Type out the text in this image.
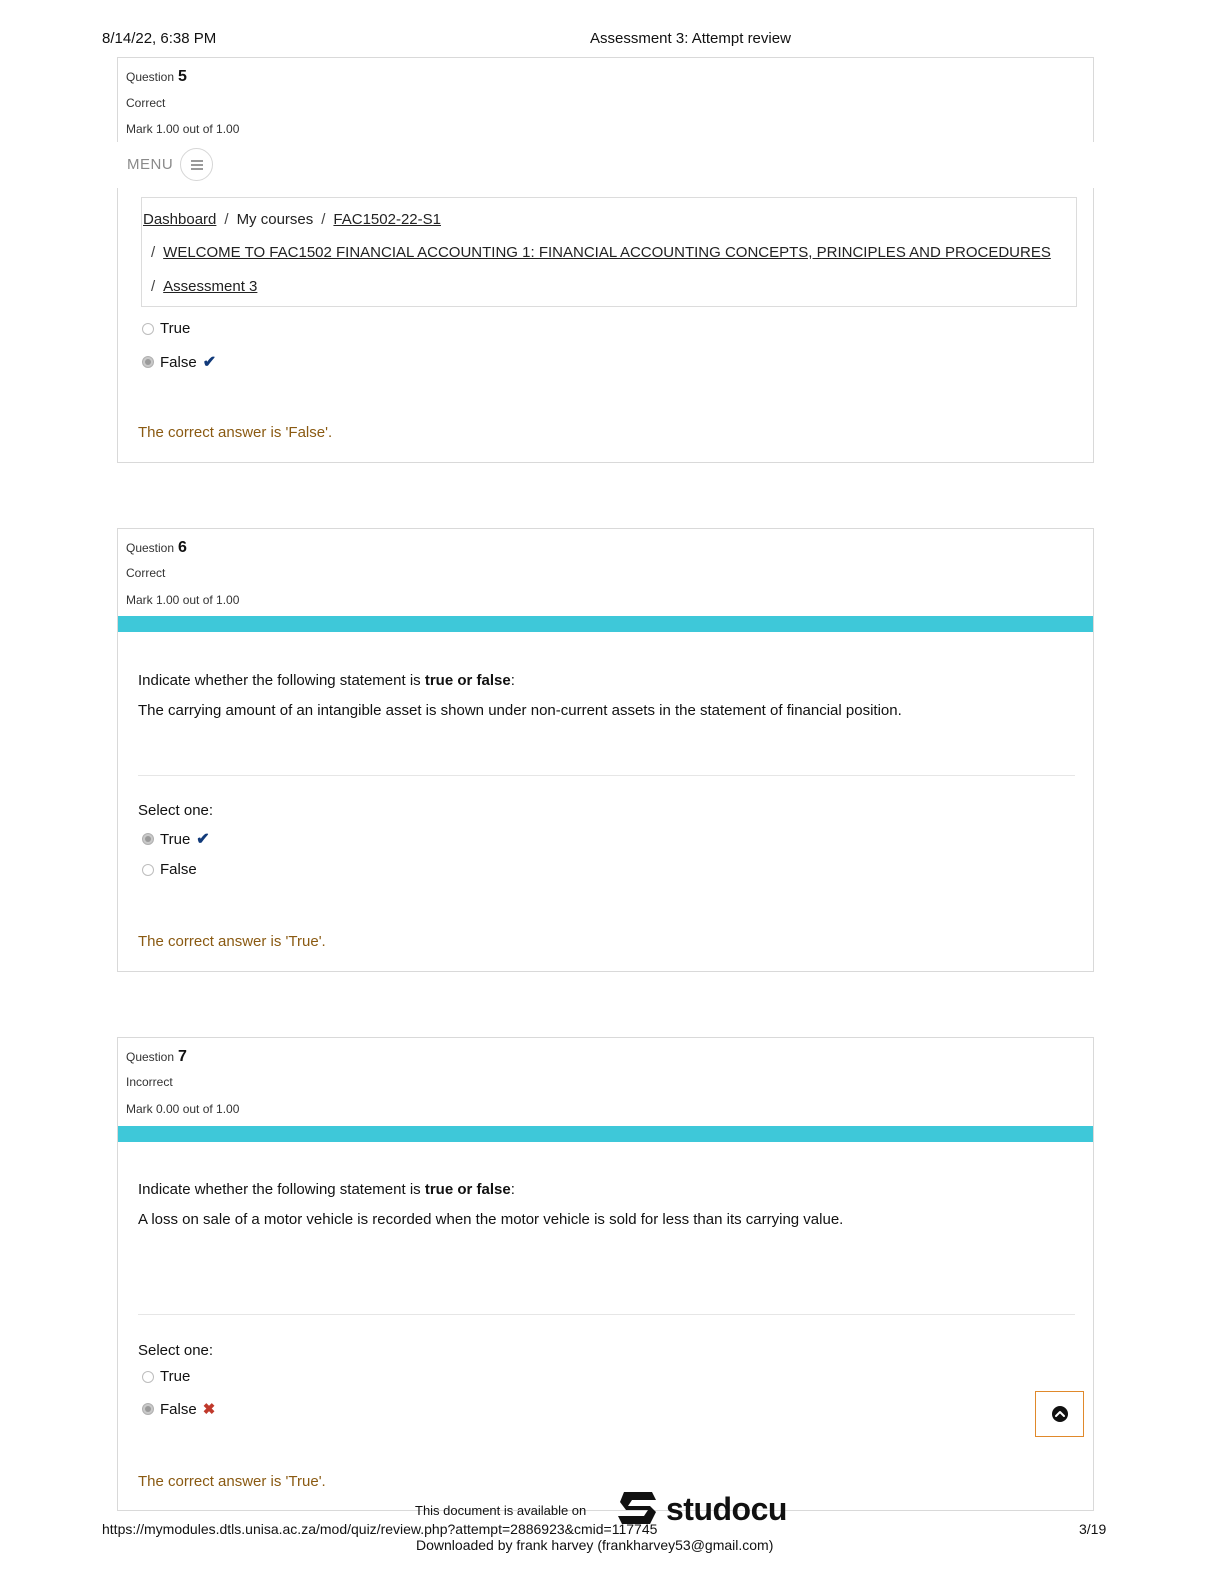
8/14/22, 6:38 PM	Assessment 3: Attempt review
Question 5
Correct
Mark 1.00 out of 1.00
True
False ✔
The correct answer is 'False'.
MENU
Dashboard / My courses / FAC1502-22-S1
/ WELCOME TO FAC1502 FINANCIAL ACCOUNTING 1: FINANCIAL ACCOUNTING CONCEPTS, PRINCIPLES AND PROCEDURES
/ Assessment 3
Question 6
Correct
Mark 1.00 out of 1.00
Indicate whether the following statement is true or false:
The carrying amount of an intangible asset is shown under non-current assets in the statement of financial position.
Select one:
True ✔
False
The correct answer is 'True'.
Question 7
Incorrect
Mark 0.00 out of 1.00
Indicate whether the following statement is true or false:
A loss on sale of a motor vehicle is recorded when the motor vehicle is sold for less than its carrying value.
Select one:
True
False ✖
The correct answer is 'True'.
This document is available on studocu
https://mymodules.dtls.unisa.ac.za/mod/quiz/review.php?attempt=2886923&cmid=117745	3/19
Downloaded by frank harvey (frankharvey53@gmail.com)
